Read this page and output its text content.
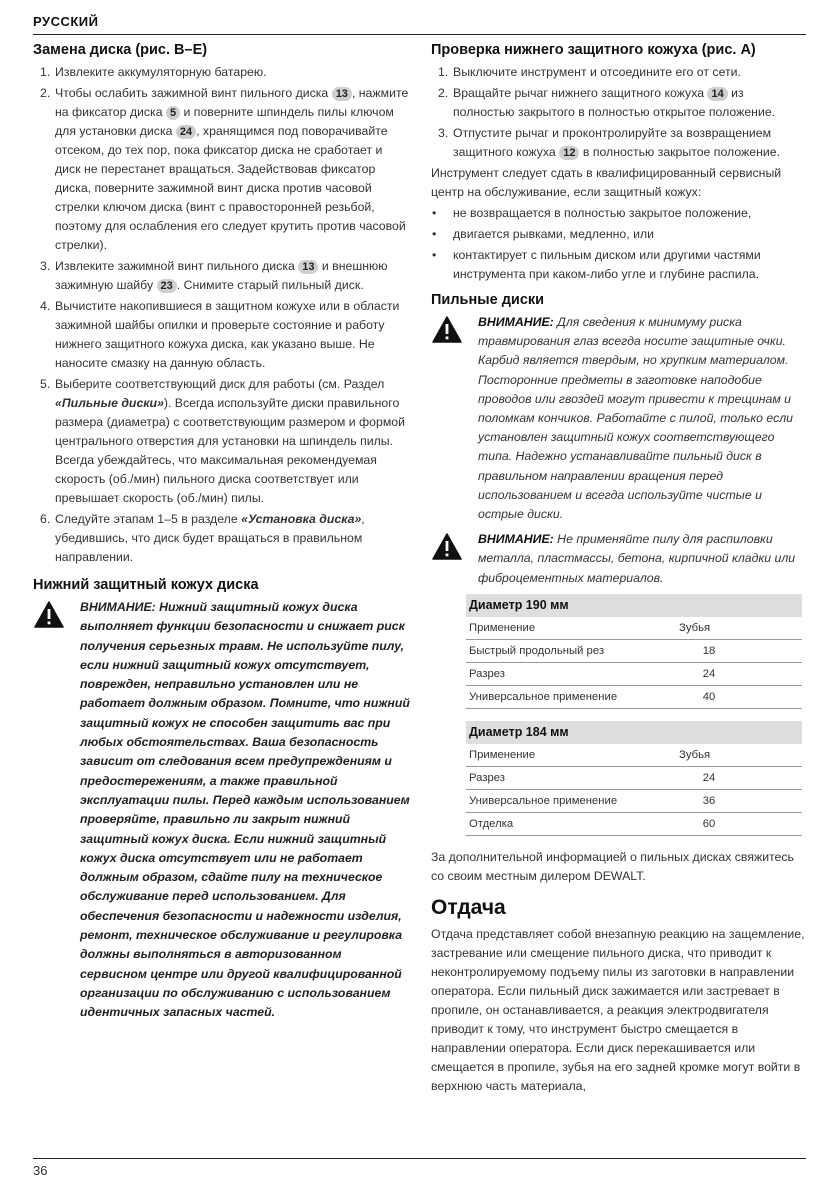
РУССКИЙ
Замена диска (рис. B–E)
1. Извлеките аккумуляторную батарею.
2. Чтобы ослабить зажимной винт пильного диска 13 , нажмите на фиксатор диска 5 и поверните шпиндель пилы ключом для установки диска 24 , хранящимся под поворачивайте отсеком, до тех пор, пока фиксатор диска не сработает и диск не перестанет вращаться. Задействовав фиксатор диска, поверните зажимной винт диска против часовой стрелки ключом диска (винт с правосторонней резьбой, поэтому для ослабления его следует крутить против часовой стрелки).
3. Извлеките зажимной винт пильного диска 13 и внешнюю зажимную шайбу 23 . Снимите старый пильный диск.
4. Вычистите накопившиеся в защитном кожухе или в области зажимной шайбы опилки и проверьте состояние и работу нижнего защитного кожуха диска, как указано выше. Не наносите смазку на данную область.
5. Выберите соответствующий диск для работы (см. Раздел «Пильные диски»). Всегда используйте диски правильного размера (диаметра) с соответствующим размером и формой центрального отверстия для установки на шпиндель пилы. Всегда убеждайтесь, что максимальная рекомендуемая скорость (об./мин) пильного диска соответствует или превышает скорость (об./мин) пилы.
6. Следуйте этапам 1–5 в разделе «Установка диска», убедившись, что диск будет вращаться в правильном направлении.
Нижний защитный кожух диска
ВНИМАНИЕ: Нижний защитный кожух диска выполняет функции безопасности и снижает риск получения серьезных травм. Не используйте пилу, если нижний защитный кожух отсутствует, поврежден, неправильно установлен или не работает должным образом. Помните, что нижний защитный кожух не способен защитить вас при любых обстоятельствах. Ваша безопасность зависит от следования всем предупреждениям и предостережениям, а также правильной эксплуатации пилы. Перед каждым использованием проверяйте, правильно ли закрыт нижний защитный кожух диска. Если нижний защитный кожух диска отсутствует или не работает должным образом, сдайте пилу на техническое обслуживание перед использованием. Для обеспечения безопасности и надежности изделия, ремонт, техническое обслуживание и регулировка должны выполняться в авторизованном сервисном центре или другой квалифицированной организации по обслуживанию с использованием идентичных запасных частей.
Проверка нижнего защитного кожуха (рис. A)
1. Выключите инструмент и отсоедините его от сети.
2. Вращайте рычаг нижнего защитного кожуха 14 из полностью закрытого в полностью открытое положение.
3. Отпустите рычаг и проконтролируйте за возвращением защитного кожуха 12 в полностью закрытое положение.

Инструмент следует сдать в квалифицированный сервисный центр на обслуживание, если защитный кожух:

• не возвращается в полностью закрытое положение,
• двигается рывками, медленно, или
• контактирует с пильным диском или другими частями инструмента при каком-либо угле и глубине распила.
Пильные диски
ВНИМАНИЕ: Для сведения к минимуму риска травмирования глаз всегда носите защитные очки. Карбид является твердым, но хрупким материалом. Посторонние предметы в заготовке наподобие проводов или гвоздей могут привести к трещинам и поломкам кончиков. Работайте с пилой, только если установлен защитный кожух соответствующего типа. Надежно устанавливайте пильный диск в правильном направлении вращения перед использованием и всегда используйте чистые и острые диски.
ВНИМАНИЕ: Не применяйте пилу для распиловки металла, пластмассы, бетона, кирпичной кладки или фиброцементных материалов.
Диаметр 190 мм
Применение	Зубья
Быстрый продольный рез	18
Разрез	24
Универсальное применение	40
Диаметр 184 мм
Применение	Зубья
Разрез	24
Универсальное применение	36
Отделка	60

За дополнительной информацией о пильных дисках свяжитесь со своим местным дилером DEWALT.

Отдача

Отдача представляет собой внезапную реакцию на защемление, застревание или смещение пильного диска, что приводит к неконтролируемому подъему пилы из заготовки в направлении оператора. Если пильный диск зажимается или застревает в пропиле, он останавливается, а реакция электродвигателя приводит к тому, что инструмент быстро смещается в направлении оператора. Если диск перекашивается или смещается в пропиле, зубья на его задней кромке могут войти в верхнюю часть материала,

36
